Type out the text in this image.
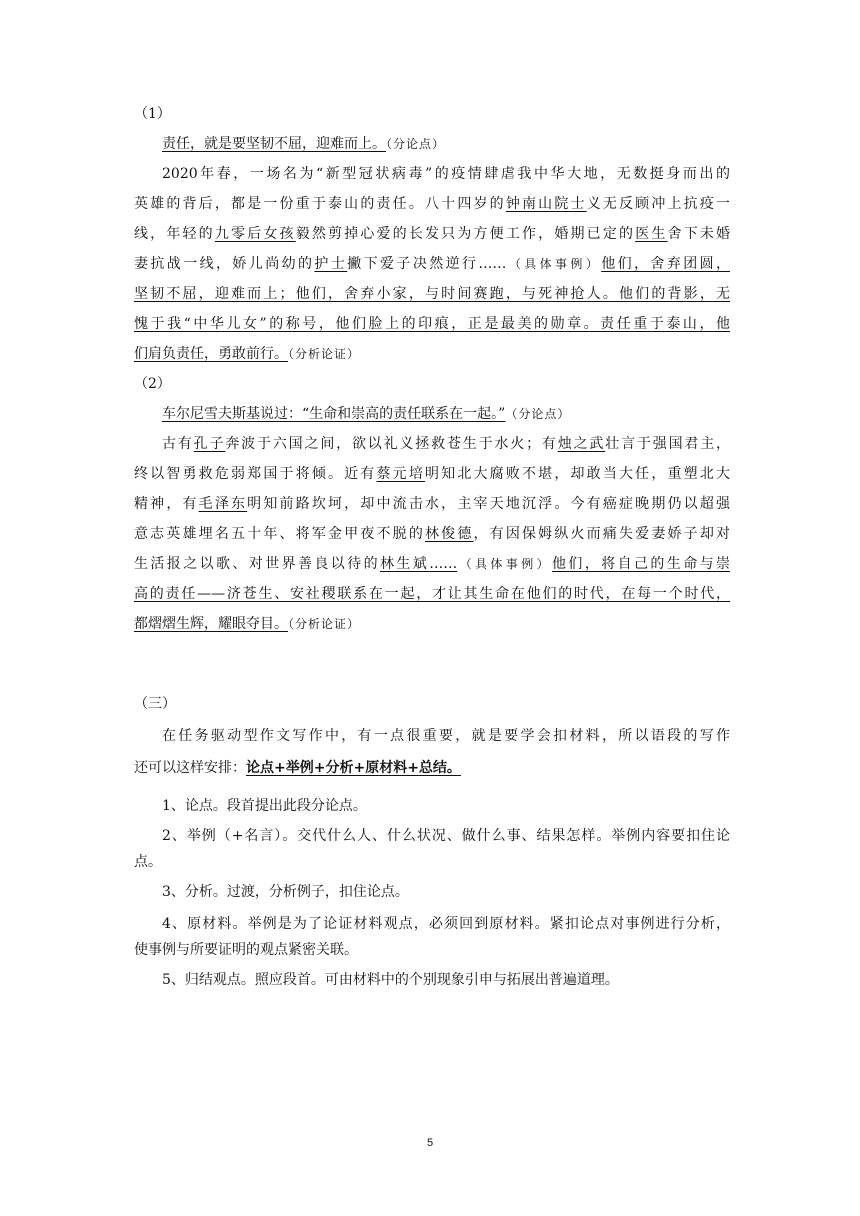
（1）
责任，就是要坚韧不屈，迎难而上。（分论点）
2020年春，一场名为“新型冠状病毒”的疫情肆虐我中华大地，无数挺身而出的
英雄的背后，都是一份重于泰山的责任。八十四岁的钟南山院士义无反顾冲上抗疫一
线，年轻的九零后女孩毅然剪掉心爱的长发只为方便工作，婚期已定的医生舍下未婚
妻抗战一线，娇儿尚幼的护士撇下爱子决然逆行……（具体事例）他们，舍弃团圆，
坚韧不屈，迎难而上；他们，舍弃小家，与时间赛跑，与死神抢人。他们的背影，无
愧于我“中华儿女”的称号，他们脸上的印痕，正是最美的勋章。责任重于泰山，他
们肩负责任，勇敢前行。（分析论证）
（2）
车尔尼雪夫斯基说过：“生命和崇高的责任联系在一起。”（分论点）
古有孔子奔波于六国之间，欲以礼义拯救苍生于水火；有烛之武壮言于强国君主，
终以智勇救危弱郑国于将倾。近有蔡元培明知北大腐败不堪，却敢当大任，重塑北大
精神，有毛泽东明知前路坎坷，却中流击水，主宰天地沉浮。今有癌症晚期仍以超强
意志英雄埋名五十年、将军金甲夜不脱的林俊德，有因保姆纵火而痛失爱妻娇子却对
生活报之以歌、对世界善良以待的林生斌……（具体事例）他们，将自己的生命与崇
高的责任——济苍生、安社稷联系在一起，才让其生命在他们的时代，在每一个时代，
都熠熠生辉，耀眼夺目。（分析论证）
（三）
在任务驱动型作文写作中，有一点很重要，就是要学会扣材料，所以语段的写作
还可以这样安排：论点+举例+分析+原材料+总结。
1、论点。段首提出此段分论点。
2、举例（+名言）。交代什么人、什么状况、做什么事、结果怎样。举例内容要扣住论
点。
3、分析。过渡，分析例子，扣住论点。
4、原材料。举例是为了论证材料观点，必须回到原材料。紧扣论点对事例进行分析，
使事例与所要证明的观点紧密关联。
5、归结观点。照应段首。可由材料中的个别现象引申与拓展出普遍道理。
5
